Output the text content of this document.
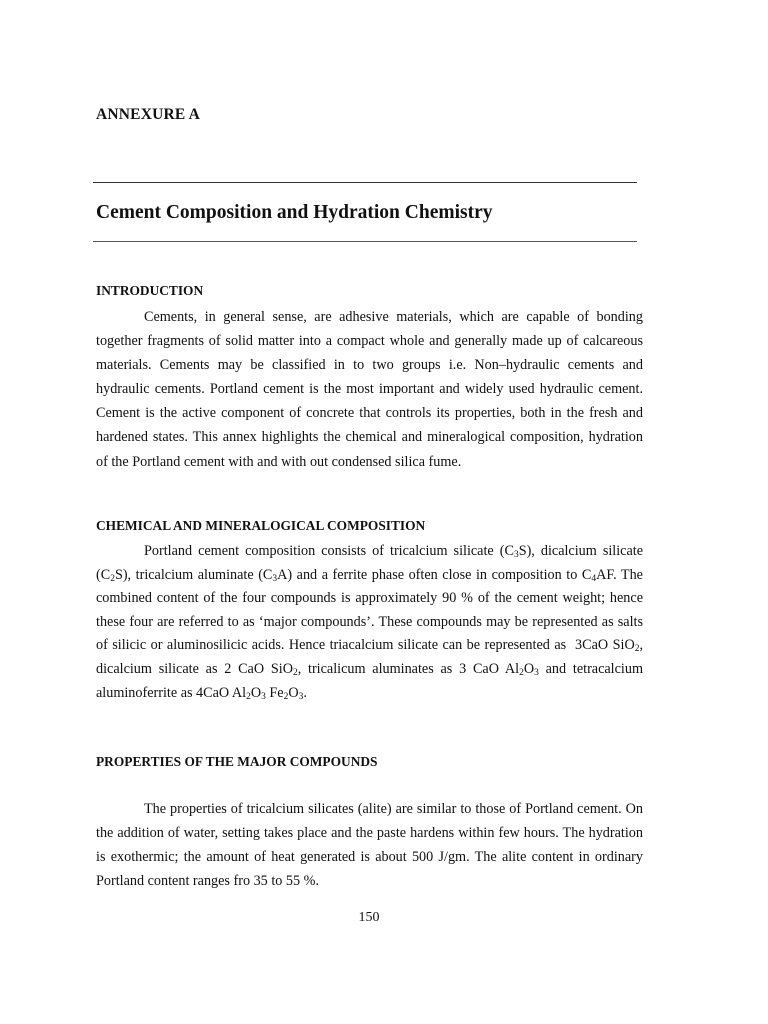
ANNEXURE A
Cement Composition and Hydration Chemistry
INTRODUCTION

Cements, in general sense, are adhesive materials, which are capable of bonding together fragments of solid matter into a compact whole and generally made up of calcareous materials. Cements may be classified in to two groups i.e. Non–hydraulic cements and hydraulic cements. Portland cement is the most important and widely used hydraulic cement. Cement is the active component of concrete that controls its properties, both in the fresh and hardened states. This annex highlights the chemical and mineralogical composition, hydration of the Portland cement with and with out condensed silica fume.

CHEMICAL AND MINERALOGICAL COMPOSITION

Portland cement composition consists of tricalcium silicate $(C_3S)$, dicalcium silicate $(C_2S)$, tricalcium aluminate $(C_3A)$ and a ferrite phase often close in composition to $C_4AF$. The combined content of the four compounds is approximately 90 % of the cement weight; hence these four are referred to as ‘major compounds’. These compounds may be represented as salts of silicic or aluminosilicic acids. Hence triacalcium silicate can be represented as  3CaO SiO$_2$, dicalcium silicate as 2 CaO SiO$_2$, tricalicum aluminates as 3 CaO $Al_2O_3$ and tetracalcium aluminoferrite as 4CaO $Al_2O_3$ $Fe_2O_3$.

PROPERTIES OF THE MAJOR COMPOUNDS

The properties of tricalcium silicates (alite) are similar to those of Portland cement. On the addition of water, setting takes place and the paste hardens within few hours. The hydration is exothermic; the amount of heat generated is about 500 J/gm. The alite content in ordinary Portland content ranges fro 35 to 55 %.

150
